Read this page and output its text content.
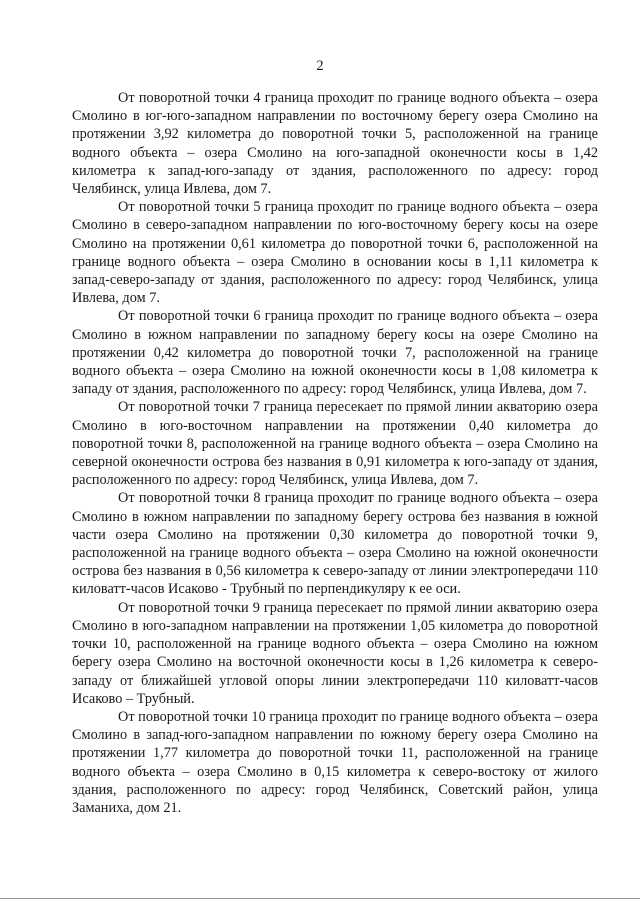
2

От поворотной точки 4 граница проходит по границе водного объекта – озера Смолино в юг-юго-западном направлении по восточному берегу озера Смолино на протяжении 3,92 километра до поворотной точки 5, расположенной на границе водного объекта – озера Смолино на юго-западной оконечности косы в 1,42 километра к запад-юго-западу от здания, расположенного по адресу: город Челябинск, улица Ивлева, дом 7.

От поворотной точки 5 граница проходит по границе водного объекта – озера Смолино в северо-западном направлении по юго-восточному берегу косы на озере Смолино на протяжении 0,61 километра до поворотной точки 6, расположенной на границе водного объекта – озера Смолино в основании косы в 1,11 километра к запад-северо-западу от здания, расположенного по адресу: город Челябинск, улица Ивлева, дом 7.

От поворотной точки 6 граница проходит по границе водного объекта – озера Смолино в южном направлении по западному берегу косы на озере Смолино на протяжении 0,42 километра до поворотной точки 7, расположенной на границе водного объекта – озера Смолино на южной оконечности косы в 1,08 километра к западу от здания, расположенного по адресу: город Челябинск, улица Ивлева, дом 7.

От поворотной точки 7 граница пересекает по прямой линии акваторию озера Смолино в юго-восточном направлении на протяжении 0,40 километра до поворотной точки 8, расположенной на границе водного объекта – озера Смолино на северной оконечности острова без названия в 0,91 километра к юго-западу от здания, расположенного по адресу: город Челябинск, улица Ивлева, дом 7.

От поворотной точки 8 граница проходит по границе водного объекта – озера Смолино в южном направлении по западному берегу острова без названия в южной части озера Смолино на протяжении 0,30 километра до поворотной точки 9, расположенной на границе водного объекта – озера Смолино на южной оконечности острова без названия в 0,56 километра к северо-западу от линии электропередачи 110 киловатт-часов Исаково - Трубный по перпендикуляру к ее оси.

От поворотной точки 9 граница пересекает по прямой линии акваторию озера Смолино в юго-западном направлении на протяжении 1,05 километра до поворотной точки 10, расположенной на границе водного объекта – озера Смолино на южном берегу озера Смолино на восточной оконечности косы в 1,26 километра к северо-западу от ближайшей угловой опоры линии электропередачи 110 киловатт-часов Исаково – Трубный.

От поворотной точки 10 граница проходит по границе водного объекта – озера Смолино в запад-юго-западном направлении по южному берегу озера Смолино на протяжении 1,77 километра до поворотной точки 11, расположенной на границе водного объекта – озера Смолино в 0,15 километра к северо-востоку от жилого здания, расположенного по адресу: город Челябинск, Советский район, улица Заманиха, дом 21.
